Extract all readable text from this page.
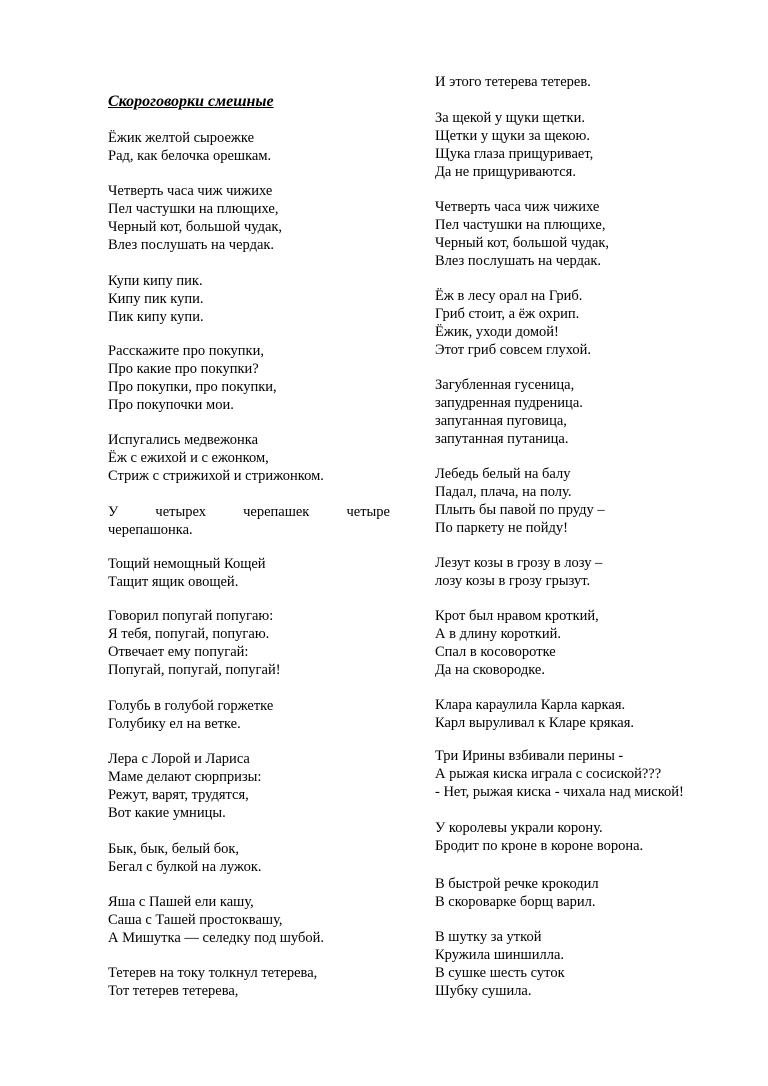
Скороговорки смешные
Ёжик желтой сыроежке
Рад, как белочка орешкам.
Четверть часа чиж чижихе
Пел частушки на плющихе,
Черный кот, большой чудак,
Влез послушать на чердак.
Купи кипу пик.
Кипу пик купи.
Пик кипу купи.
Расскажите про покупки,
Про какие про покупки?
Про покупки, про покупки,
Про покупочки мои.
Испугались медвежонка
Ёж с ежихой и с ежонком,
Стриж с стрижихой и стрижонком.
У	четырех	черепашек	четыре
черепашонка.
Тощий немощный Кощей
Тащит ящик овощей.
Говорил попугай попугаю:
Я тебя, попугай, попугаю.
Отвечает ему попугай:
Попугай, попугай, попугай!
Голубь в голубой горжетке
Голубику ел на ветке.
Лера с Лорой и Лариса
Маме делают сюрпризы:
Режут, варят, трудятся,
Вот какие умницы.
Бык, бык, белый бок,
Бегал с булкой на лужок.
Яша с Пашей ели кашу,
Саша с Ташей простоквашу,
А Мишутка — селедку под шубой.
Тетерев на току толкнул тетерева,
Тот тетерев тетерева,
И этого тетерева тетерев.
За щекой у щуки щетки.
Щетки у щуки за щекою.
Щука глаза прищуривает,
Да не прищуриваются.
Четверть часа чиж чижихе
Пел частушки на плющихе,
Черный кот, большой чудак,
Влез послушать на чердак.
Ёж в лесу орал на Гриб.
Гриб стоит, а ёж охрип.
Ёжик, уходи домой!
Этот гриб совсем глухой.
Загубленная гусеница,
запудренная пудреница.
запуганная пуговица,
запутанная путаница.
Лебедь белый на балу
Падал, плача, на полу.
Плыть бы павой по пруду –
По паркету не пойду!
Лезут козы в грозу в лозу –
лозу козы в грозу грызут.
Крот был нравом кроткий,
А в длину короткий.
Спал в косоворотке
Да на сковородке.
Клара караулила Карла каркая.
Карл выруливал к Кларе крякая.
Три Ирины взбивали перины -
А рыжая киска играла с сосиской???
- Нет, рыжая киска - чихала над миской!
У королевы украли корону.
Бродит по кроне в короне ворона.
В быстрой речке крокодил
В скороварке борщ варил.
В шутку за уткой
Кружила шиншилла.
В сушке шесть суток
Шубку сушила.
